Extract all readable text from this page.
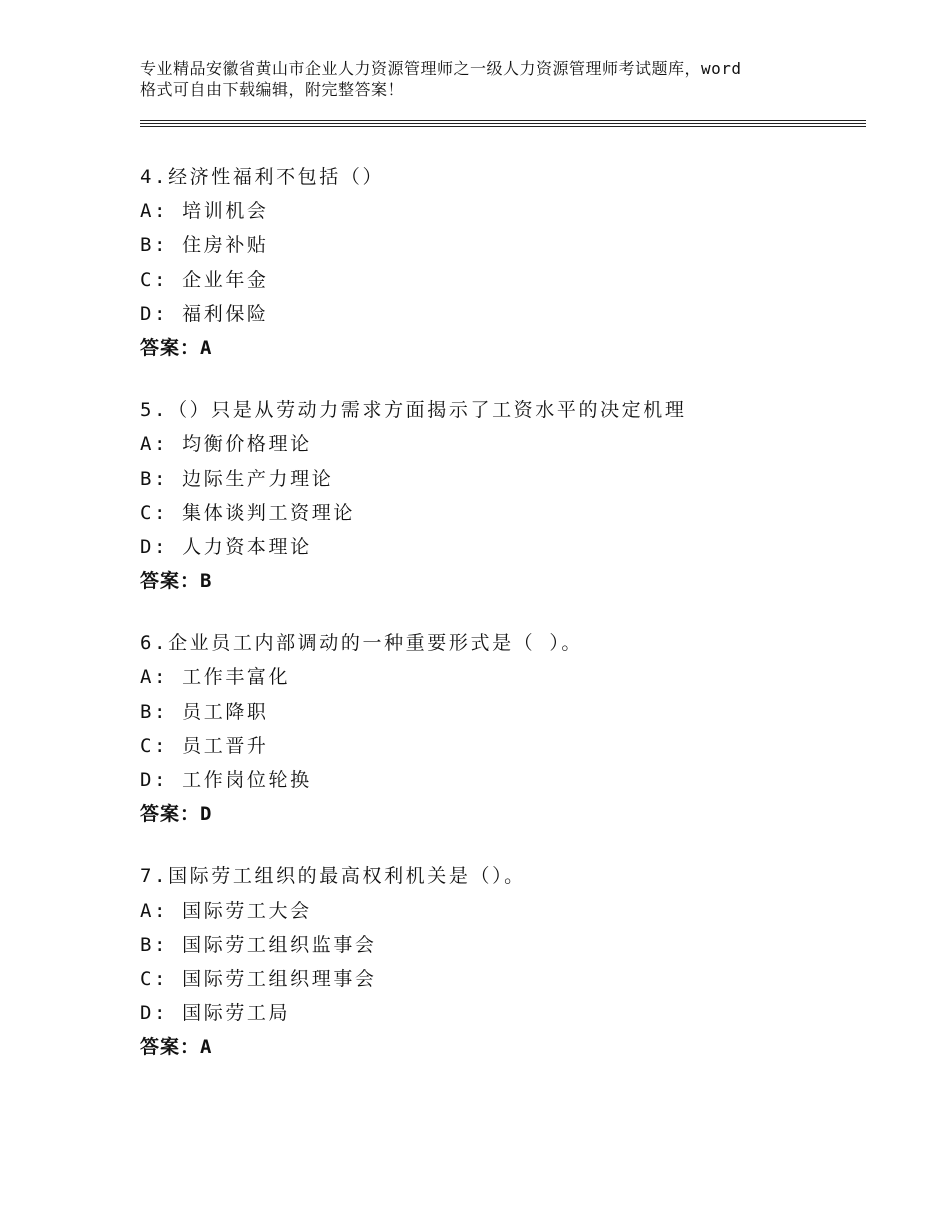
专业精品安徽省黄山市企业人力资源管理师之一级人力资源管理师考试题库，word
格式可自由下载编辑，附完整答案！
4.经济性福利不包括（）
A: 培训机会
B: 住房补贴
C: 企业年金
D: 福利保险
答案：A
5.（）只是从劳动力需求方面揭示了工资水平的决定机理
A: 均衡价格理论
B: 边际生产力理论
C: 集体谈判工资理论
D: 人力资本理论
答案：B
6.企业员工内部调动的一种重要形式是（ ）。
A: 工作丰富化
B: 员工降职
C: 员工晋升
D: 工作岗位轮换
答案：D
7.国际劳工组织的最高权利机关是（）。
A: 国际劳工大会
B: 国际劳工组织监事会
C: 国际劳工组织理事会
D: 国际劳工局
答案：A
